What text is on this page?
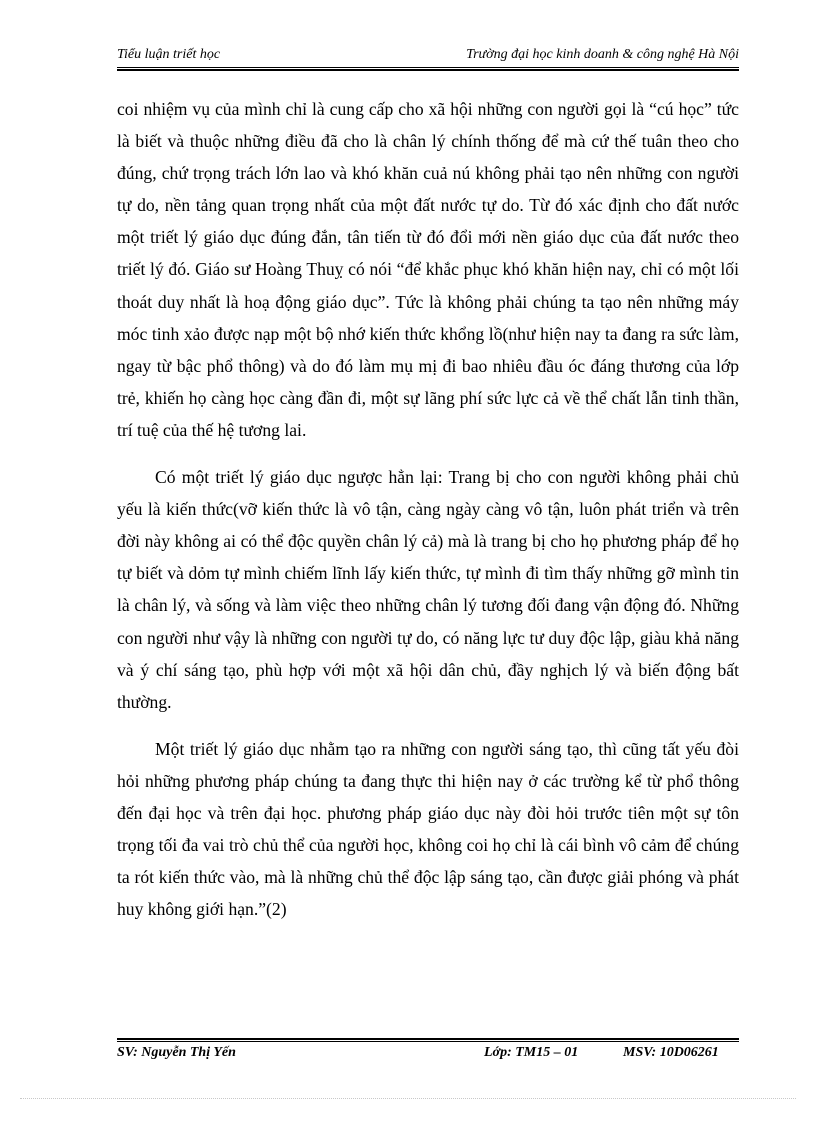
Tiểu luận triết học	Trường đại học kinh doanh & công nghệ Hà Nội

coi nhiệm vụ của mình chỉ là cung cấp cho xã hội những con người gọi là “cú học” tức là biết và thuộc những điều đã cho là chân lý chính thống để mà cứ thế tuân theo cho đúng, chứ trọng trách lớn lao và khó khăn cuả nú không phải tạo nên những con người tự do, nền tảng quan trọng nhất của một đất nước tự do. Từ đó xác định cho đất nước một triết lý giáo dục đúng đắn, tân tiến từ đó đổi mới nền giáo dục của đất nước theo triết lý đó. Giáo sư Hoàng Thuỵ có nói “để khắc phục khó khăn hiện nay, chỉ có một lối thoát duy nhất là hoạ động giáo dục”. Tức là không phải chúng ta tạo nên những máy móc tinh xảo được nạp một bộ nhớ kiến thức khổng lồ(như hiện nay ta đang ra sức làm, ngay từ bậc phổ thông) và do đó làm mụ mị đi bao nhiêu đầu óc đáng thương của lớp trẻ, khiến họ càng học càng đần đi, một sự lãng phí sức lực cả về thể chất lẫn tinh thần, trí tuệ của thế hệ tương lai.

Có một triết lý giáo dục ngược hẳn lại: Trang bị cho con người không phải chủ yếu là kiến thức(vỡ kiến thức là vô tận, càng ngày càng vô tận, luôn phát triển và trên đời này không ai có thể độc quyền chân lý cả) mà là trang bị cho họ phương pháp để họ tự biết và dỏm tự mình chiếm lĩnh lấy kiến thức, tự mình đi tìm thấy những gỡ mình tin là chân lý, và sống và làm việc theo những chân lý tương đối đang vận động đó. Những con người như vậy là những con người tự do, có năng lực tư duy độc lập, giàu khả năng và ý chí sáng tạo, phù hợp với một xã hội dân chủ, đầy nghịch lý và biến động bất thường.

Một triết lý giáo dục nhằm tạo ra những con người sáng tạo, thì cũng tất yếu đòi hỏi những phương pháp chúng ta đang thực thi hiện nay ở các trường kể từ phổ thông đến đại học và trên đại học. phương pháp giáo dục này đòi hỏi trước tiên một sự tôn trọng tối đa vai trò chủ thể của người học, không coi họ chỉ là cái bình vô cảm để chúng ta rót kiến thức vào, mà là những chủ thể độc lập sáng tạo, cần được giải phóng và phát huy không giới hạn.”(2)

SV: Nguyễn Thị Yến	Lớp: TM15 – 01	MSV: 10D06261
